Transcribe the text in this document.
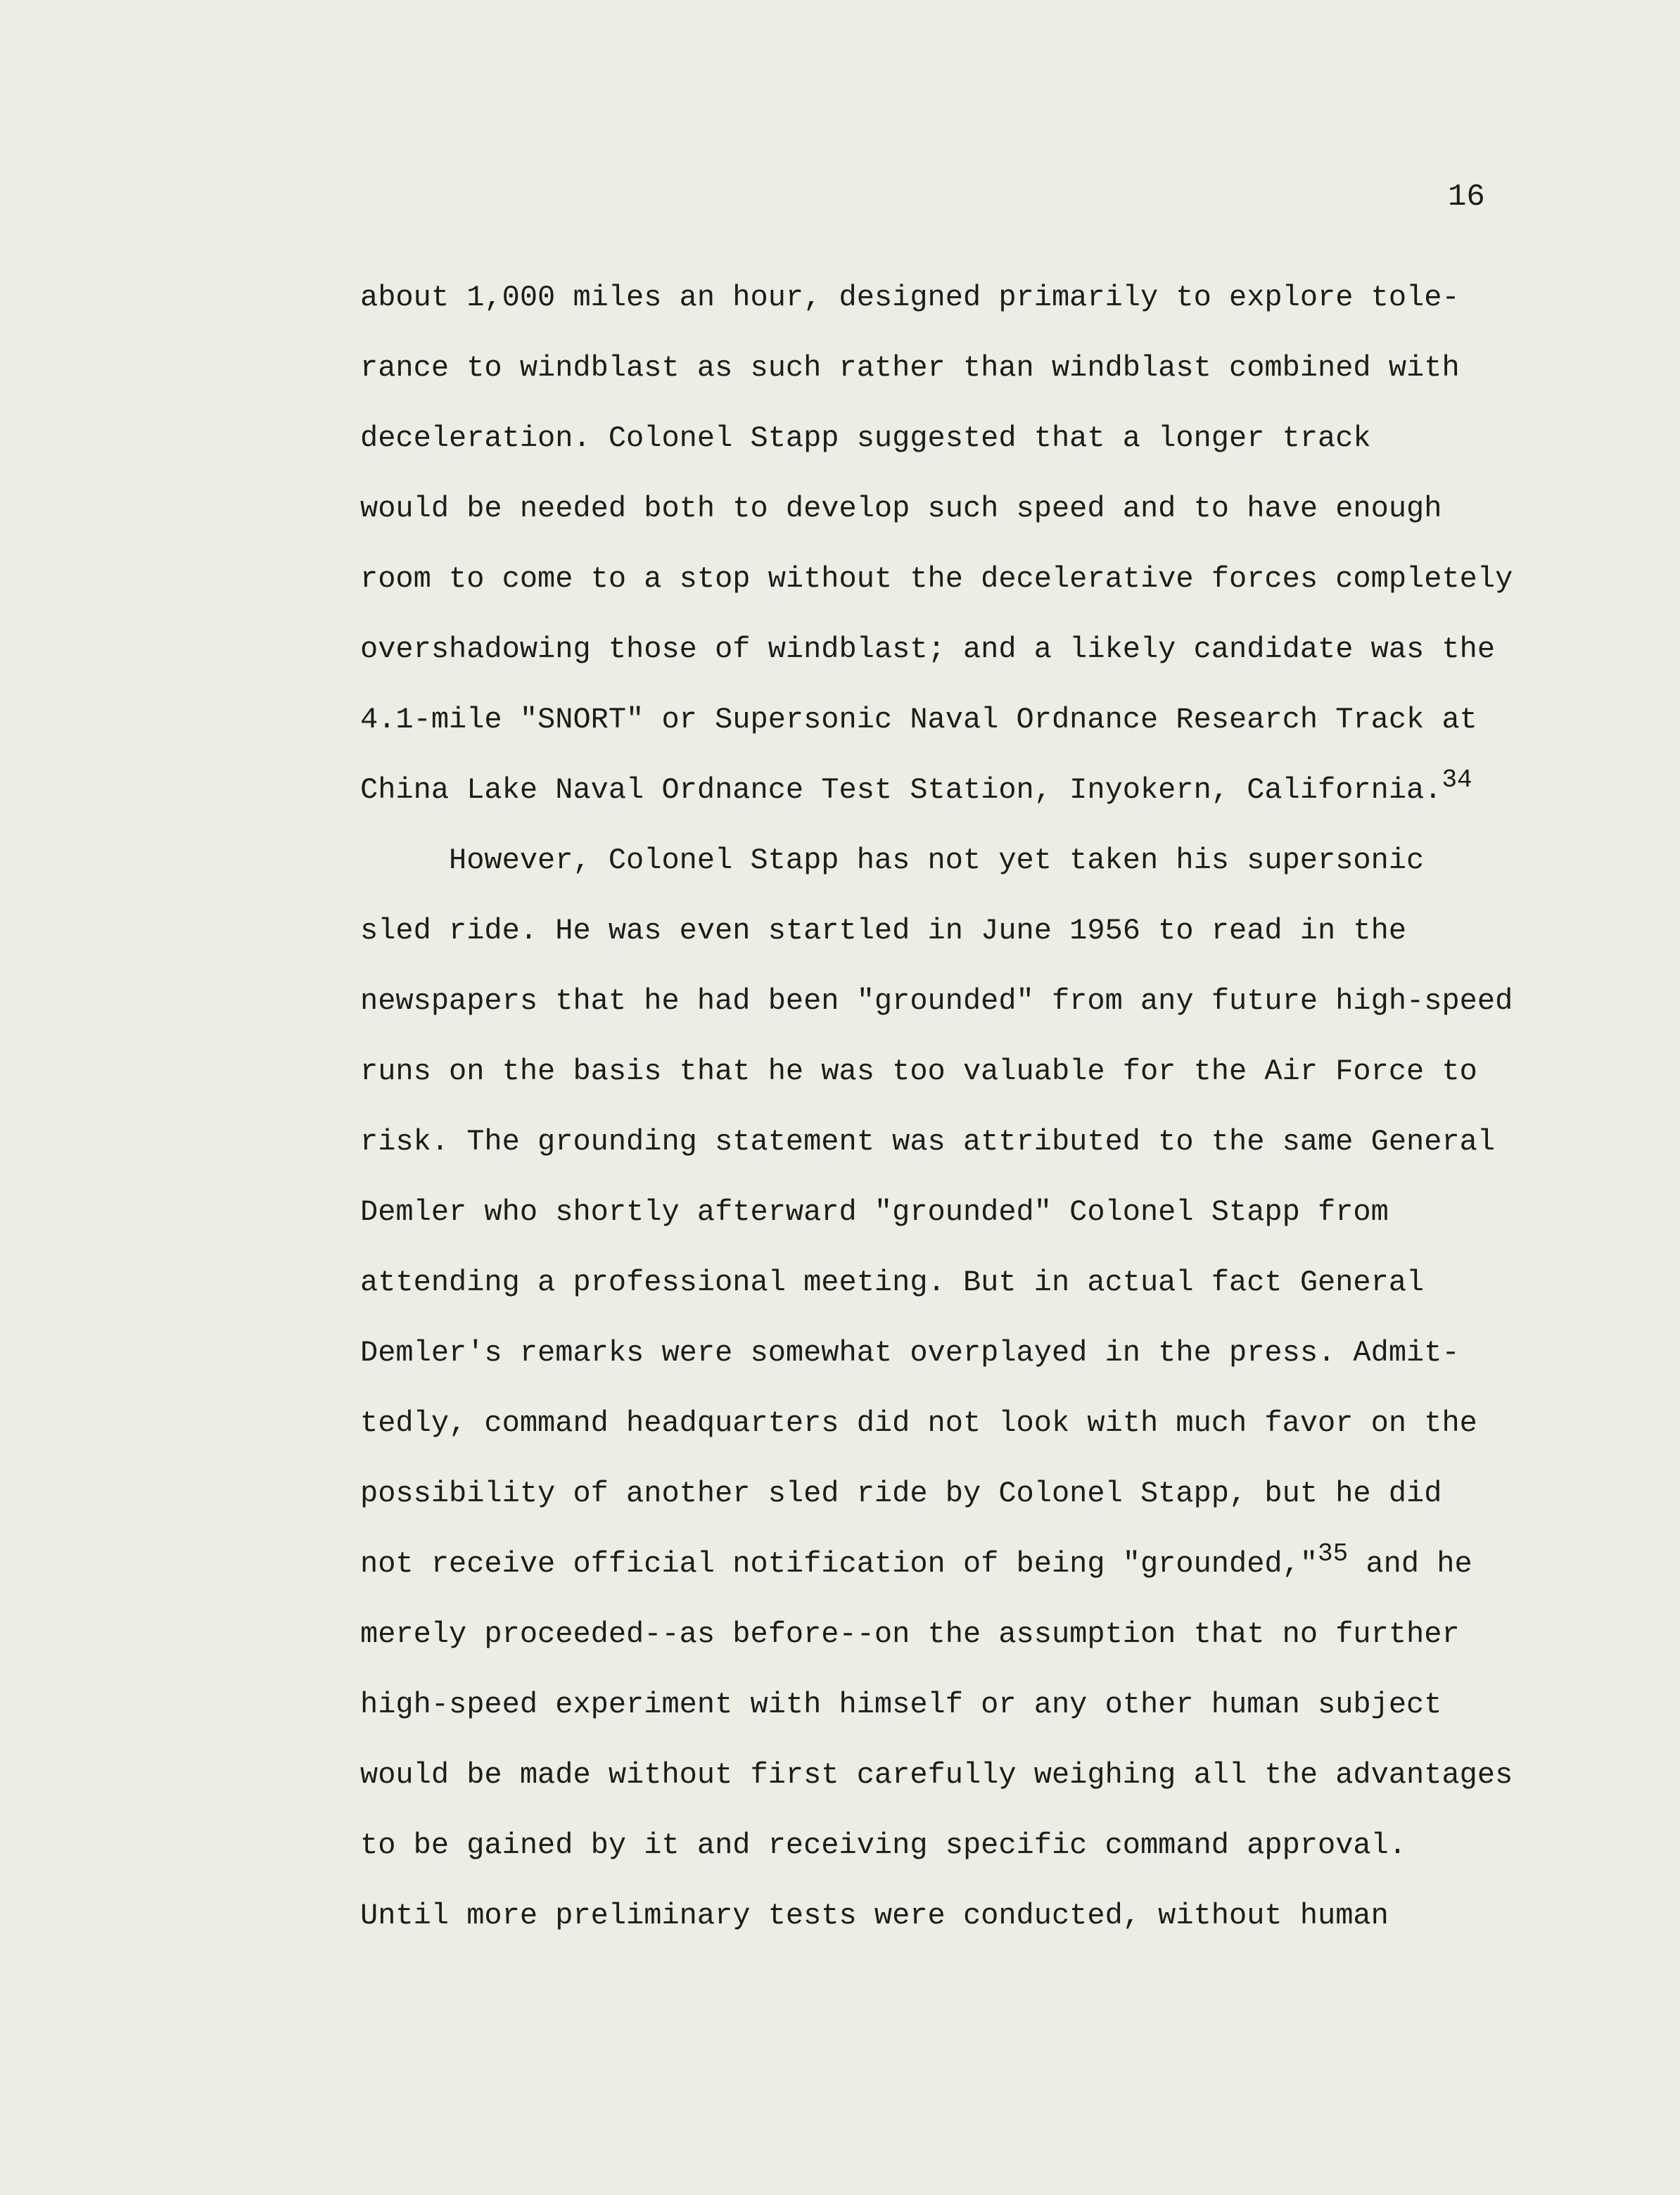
16
about 1,000 miles an hour, designed primarily to explore tole-
rance to windblast as such rather than windblast combined with
deceleration. Colonel Stapp suggested that a longer track
would be needed both to develop such speed and to have enough
room to come to a stop without the decelerative forces completely
overshadowing those of windblast; and a likely candidate was the
4.1-mile "SNORT" or Supersonic Naval Ordnance Research Track at
China Lake Naval Ordnance Test Station, Inyokern, California.$^{34}$
However, Colonel Stapp has not yet taken his supersonic
sled ride. He was even startled in June 1956 to read in the
newspapers that he had been "grounded" from any future high-speed
runs on the basis that he was too valuable for the Air Force to
risk. The grounding statement was attributed to the same General
Demler who shortly afterward "grounded" Colonel Stapp from
attending a professional meeting. But in actual fact General
Demler's remarks were somewhat overplayed in the press. Admit-
tedly, command headquarters did not look with much favor on the
possibility of another sled ride by Colonel Stapp, but he did
not receive official notification of being "grounded,"$^{35}$ and he
merely proceeded--as before--on the assumption that no further
high-speed experiment with himself or any other human subject
would be made without first carefully weighing all the advantages
to be gained by it and receiving specific command approval.
Until more preliminary tests were conducted, without human
